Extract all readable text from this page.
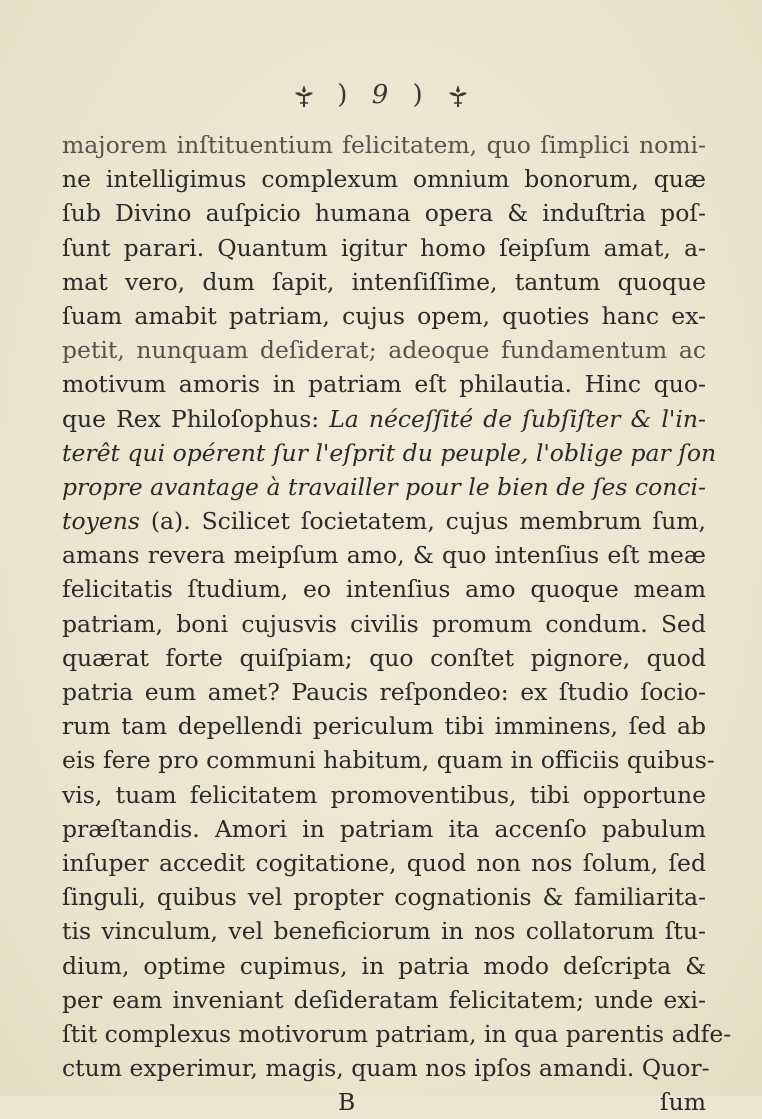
) 9 )
majorem inſtituentium felicitatem, quo ſimplici nomi-
ne intelligimus complexum omnium bonorum, quæ
ſub Divino auſpicio humana opera & induſtria poſ-
ſunt parari. Quantum igitur homo ſeipſum amat, a-
mat vero, dum ſapit, intenſiſſime, tantum quoque
ſuam amabit patriam, cujus opem, quoties hanc ex-
petit, nunquam deſiderat; adeoque fundamentum ac
motivum amoris in patriam eſt philautia. Hinc quo-
que Rex Philoſophus: La néceſſité de ſubſiſter & l'in-
terêt qui opérent ſur l'eſprit du peuple, l'oblige par ſon
propre avantage à travailler pour le bien de ſes conci-
toyens (a). Scilicet ſocietatem, cujus membrum ſum,
amans revera meipſum amo, & quo intenſius eſt meæ
felicitatis ſtudium, eo intenſius amo quoque meam
patriam, boni cujusvis civilis promum condum. Sed
quærat forte quiſpiam; quo conſtet pignore, quod
patria eum amet? Paucis reſpondeo: ex ſtudio ſocio-
rum tam depellendi periculum tibi imminens, ſed ab
eis fere pro communi habitum, quam in officiis quibus-
vis, tuam felicitatem promoventibus, tibi opportune
præſtandis. Amori in patriam ita accenſo pabulum
inſuper accedit cogitatione, quod non nos ſolum, ſed
ſinguli, quibus vel propter cognationis & familiarita-
tis vinculum, vel beneficiorum in nos collatorum ſtu-
dium, optime cupimus, in patria modo deſcripta &
per eam inveniant deſideratam felicitatem; unde exi-
ſtit complexus motivorum patriam, in qua parentis adfe-
ctum experimur, magis, quam nos ipſos amandi. Quor-
B	ſum
